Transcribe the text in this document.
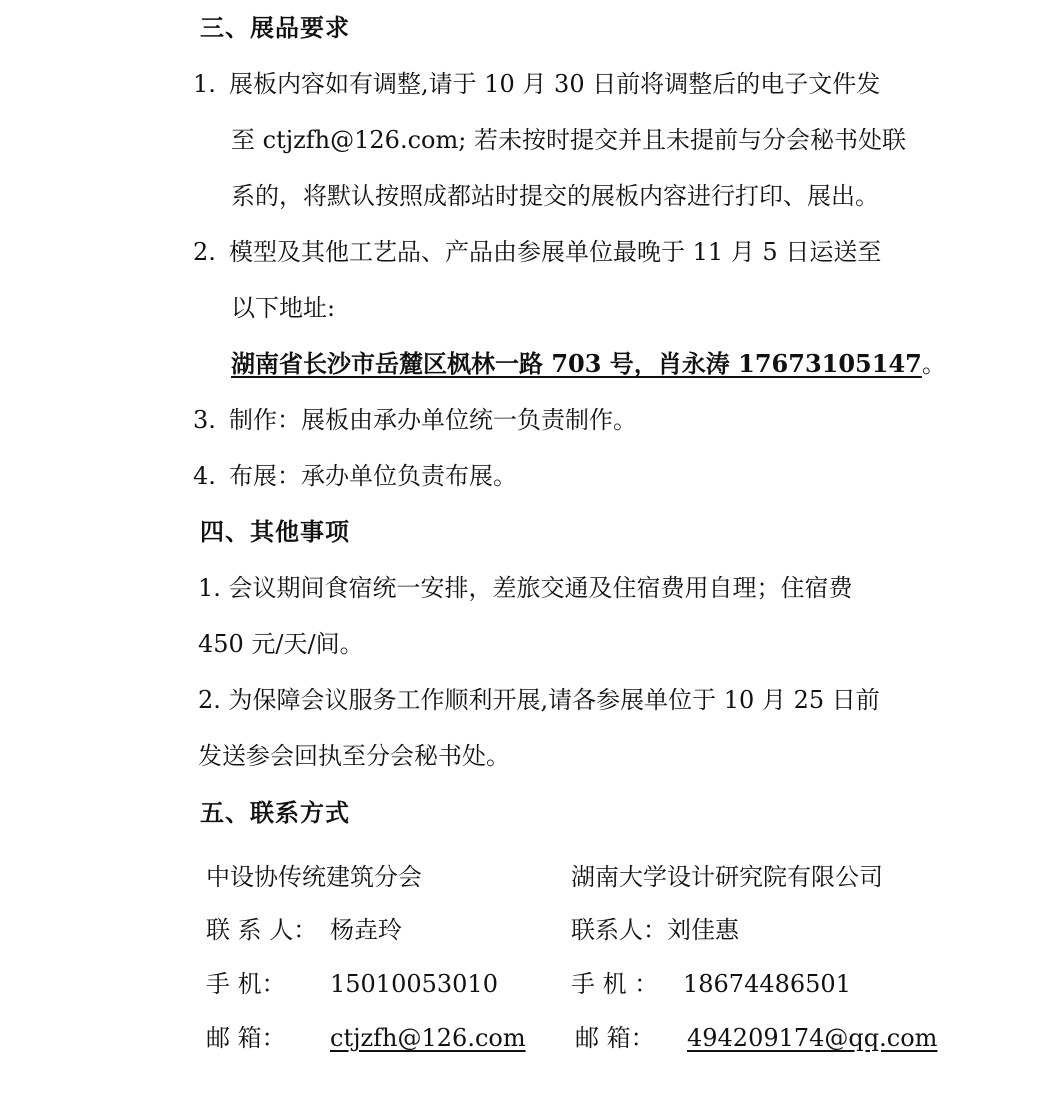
三、展品要求
1. 展板内容如有调整,请于 10 月 30 日前将调整后的电子文件发
至 ctjzfh@126.com; 若未按时提交并且未提前与分会秘书处联
系的，将默认按照成都站时提交的展板内容进行打印、展出。
2. 模型及其他工艺品、产品由参展单位最晚于 11 月 5 日运送至
以下地址:
湖南省长沙市岳麓区枫林一路 703 号，肖永涛 17673105147。
3. 制作：展板由承办单位统一负责制作。
4. 布展：承办单位负责布展。
四、其他事项
1. 会议期间食宿统一安排，差旅交通及住宿费用自理；住宿费
450 元/天/间。
2. 为保障会议服务工作顺利开展,请各参展单位于 10 月 25 日前
发送参会回执至分会秘书处。
五、联系方式
中设协传统建筑分会
联 系 人： 杨垚玲
手 机： 15010053010
邮 箱： ctjzfh@126.com
湖南大学设计研究院有限公司
联系人：刘佳惠
手 机 ： 18674486501
邮 箱： 494209174@qq.com
